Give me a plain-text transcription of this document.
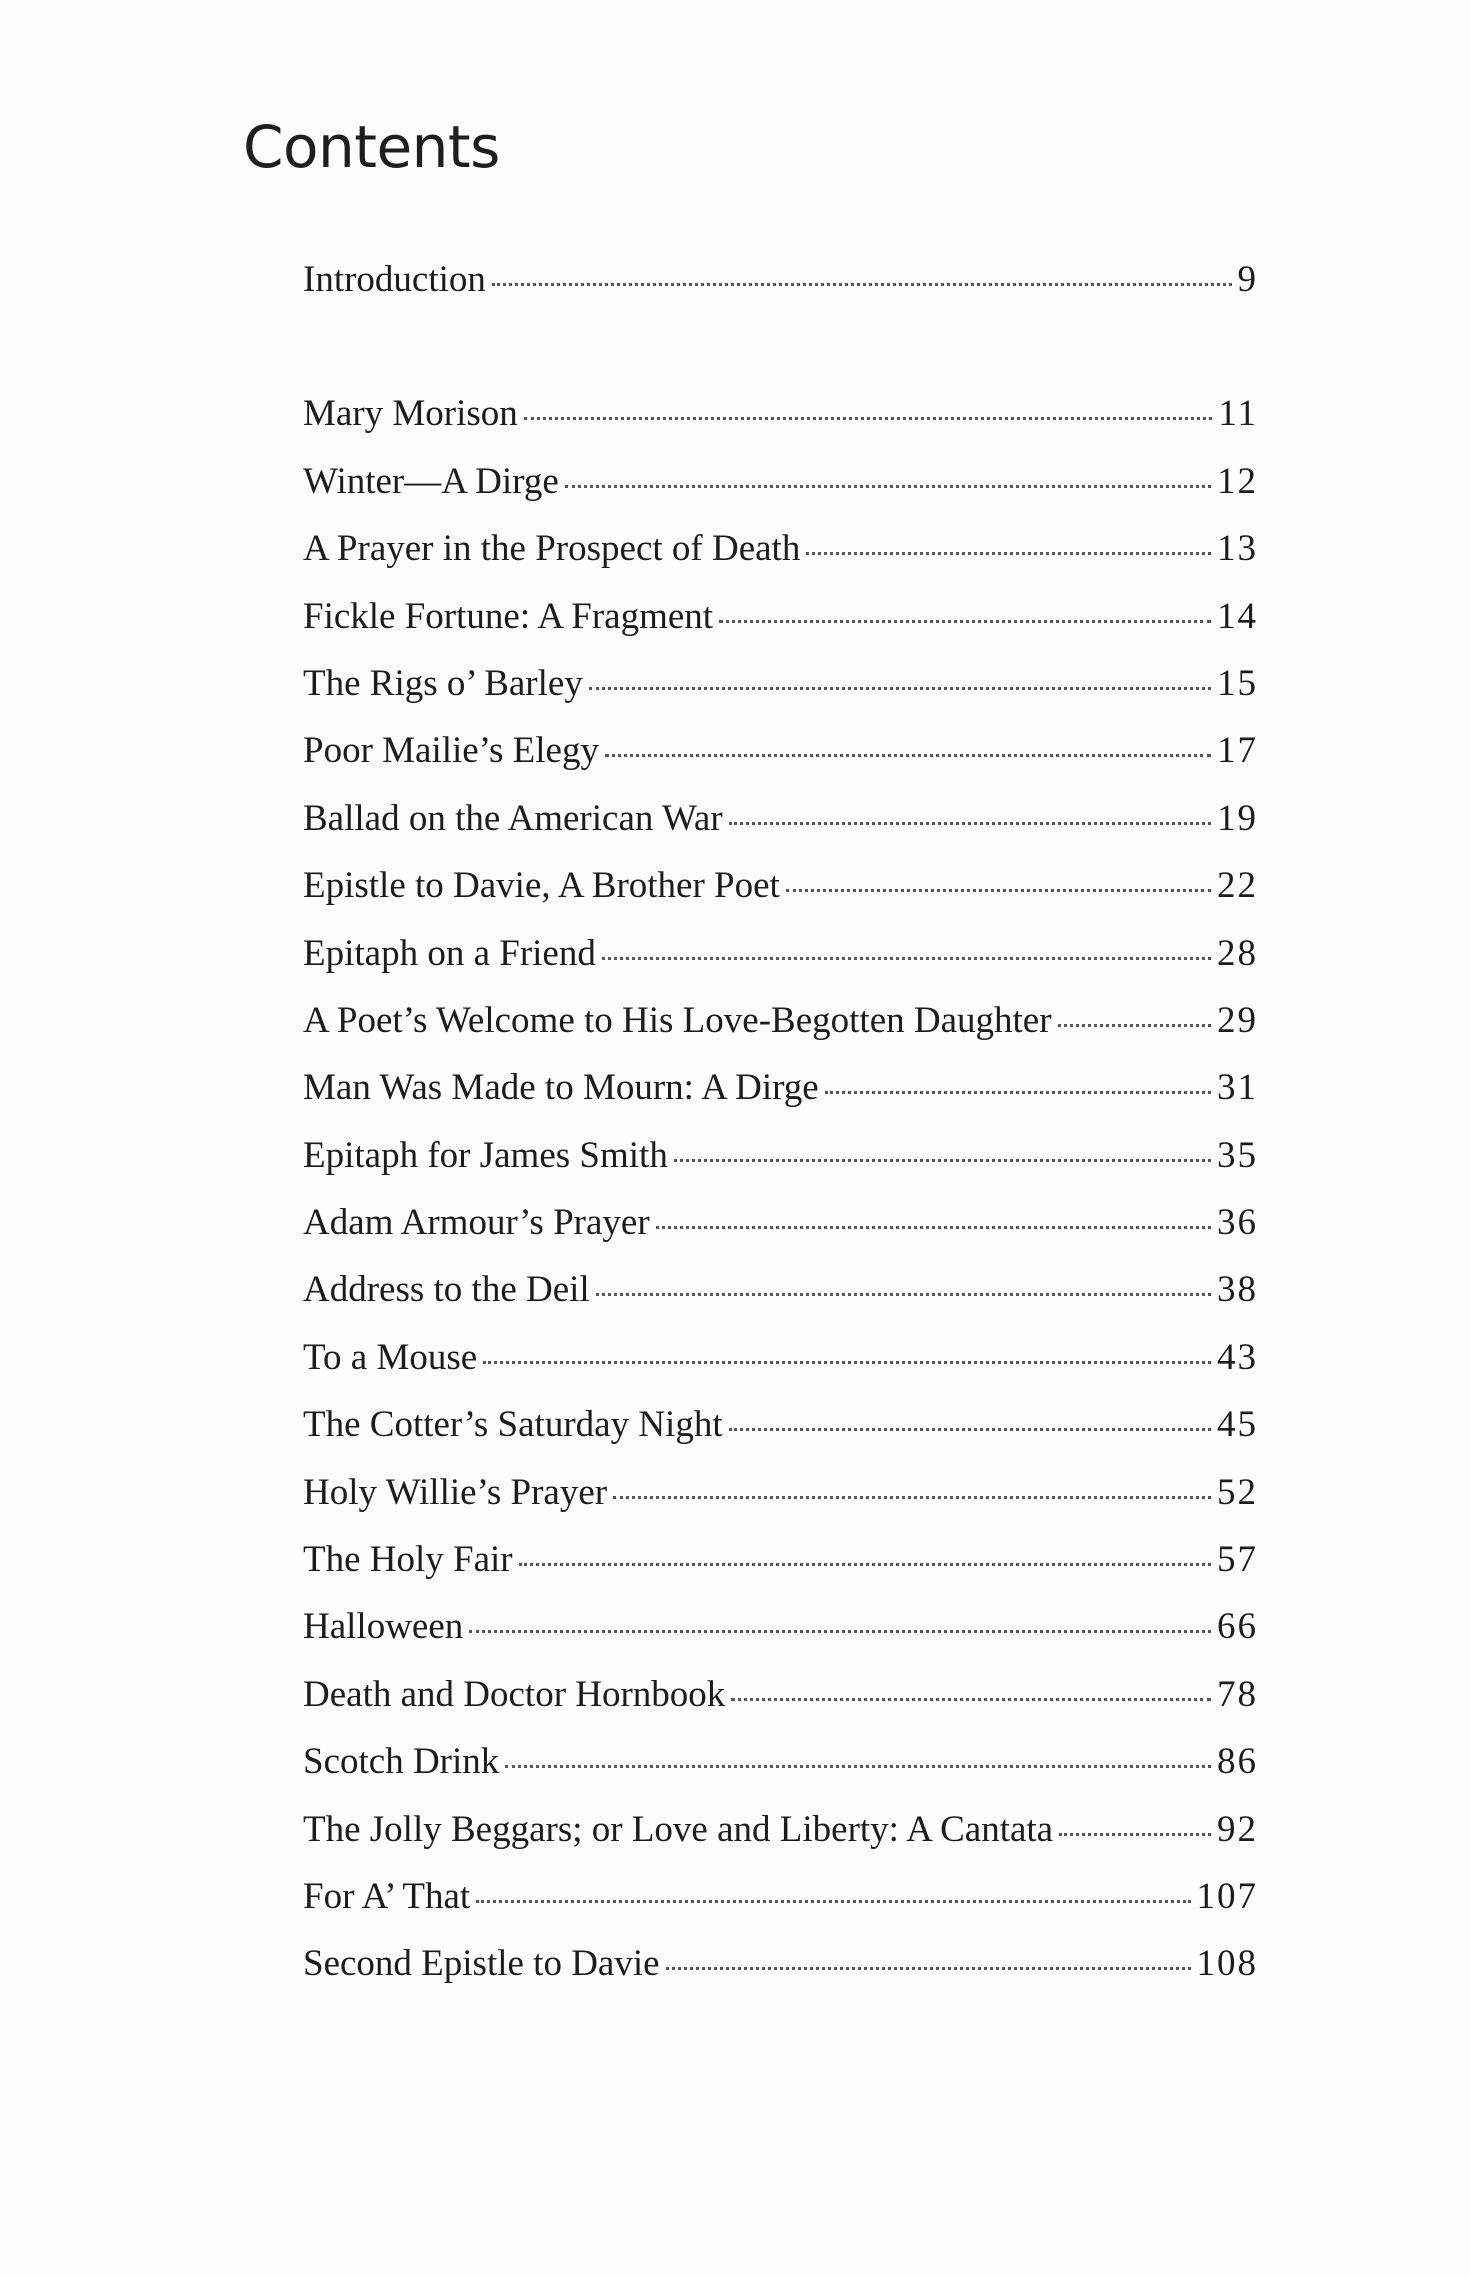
Contents
Introduction	9
Mary Morison	11
Winter—A Dirge	12
A Prayer in the Prospect of Death	13
Fickle Fortune: A Fragment	14
The Rigs o’ Barley	15
Poor Mailie’s Elegy	17
Ballad on the American War	19
Epistle to Davie, A Brother Poet	22
Epitaph on a Friend	28
A Poet’s Welcome to His Love-Begotten Daughter	29
Man Was Made to Mourn: A Dirge	31
Epitaph for James Smith	35
Adam Armour’s Prayer	36
Address to the Deil	38
To a Mouse	43
The Cotter’s Saturday Night	45
Holy Willie’s Prayer	52
The Holy Fair	57
Halloween	66
Death and Doctor Hornbook	78
Scotch Drink	86
The Jolly Beggars; or Love and Liberty: A Cantata	92
For A’ That	107
Second Epistle to Davie	108
